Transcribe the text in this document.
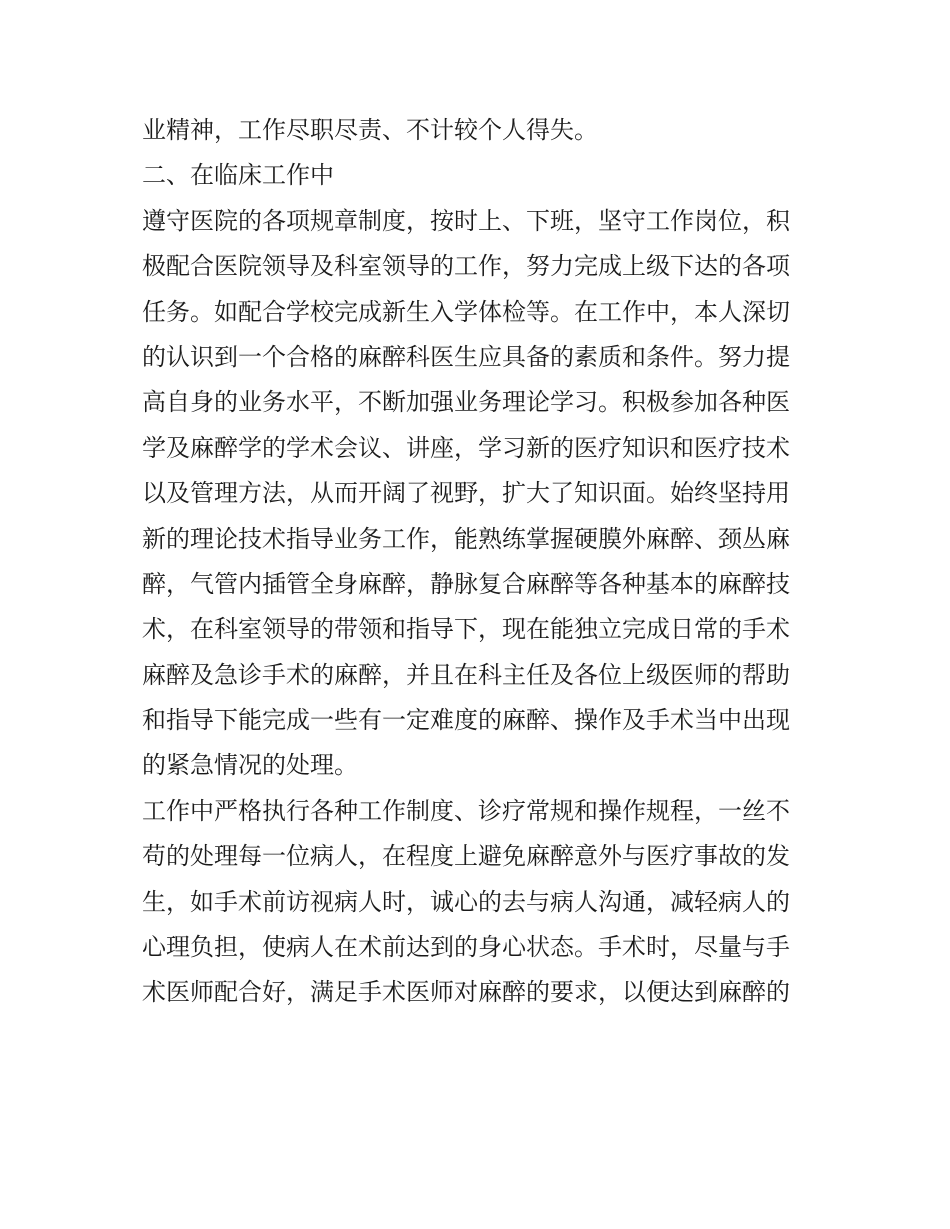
业精神，工作尽职尽责、不计较个人得失。
二、在临床工作中
遵守医院的各项规章制度，按时上、下班，坚守工作岗位，积
极配合医院领导及科室领导的工作，努力完成上级下达的各项
任务。如配合学校完成新生入学体检等。在工作中，本人深切
的认识到一个合格的麻醉科医生应具备的素质和条件。努力提
高自身的业务水平，不断加强业务理论学习。积极参加各种医
学及麻醉学的学术会议、讲座，学习新的医疗知识和医疗技术
以及管理方法，从而开阔了视野，扩大了知识面。始终坚持用
新的理论技术指导业务工作，能熟练掌握硬膜外麻醉、颈丛麻
醉，气管内插管全身麻醉，静脉复合麻醉等各种基本的麻醉技
术，在科室领导的带领和指导下，现在能独立完成日常的手术
麻醉及急诊手术的麻醉，并且在科主任及各位上级医师的帮助
和指导下能完成一些有一定难度的麻醉、操作及手术当中出现
的紧急情况的处理。
工作中严格执行各种工作制度、诊疗常规和操作规程，一丝不
苟的处理每一位病人，在程度上避免麻醉意外与医疗事故的发
生，如手术前访视病人时，诚心的去与病人沟通，减轻病人的
心理负担，使病人在术前达到的身心状态。手术时，尽量与手
术医师配合好，满足手术医师对麻醉的要求，以便达到麻醉的
